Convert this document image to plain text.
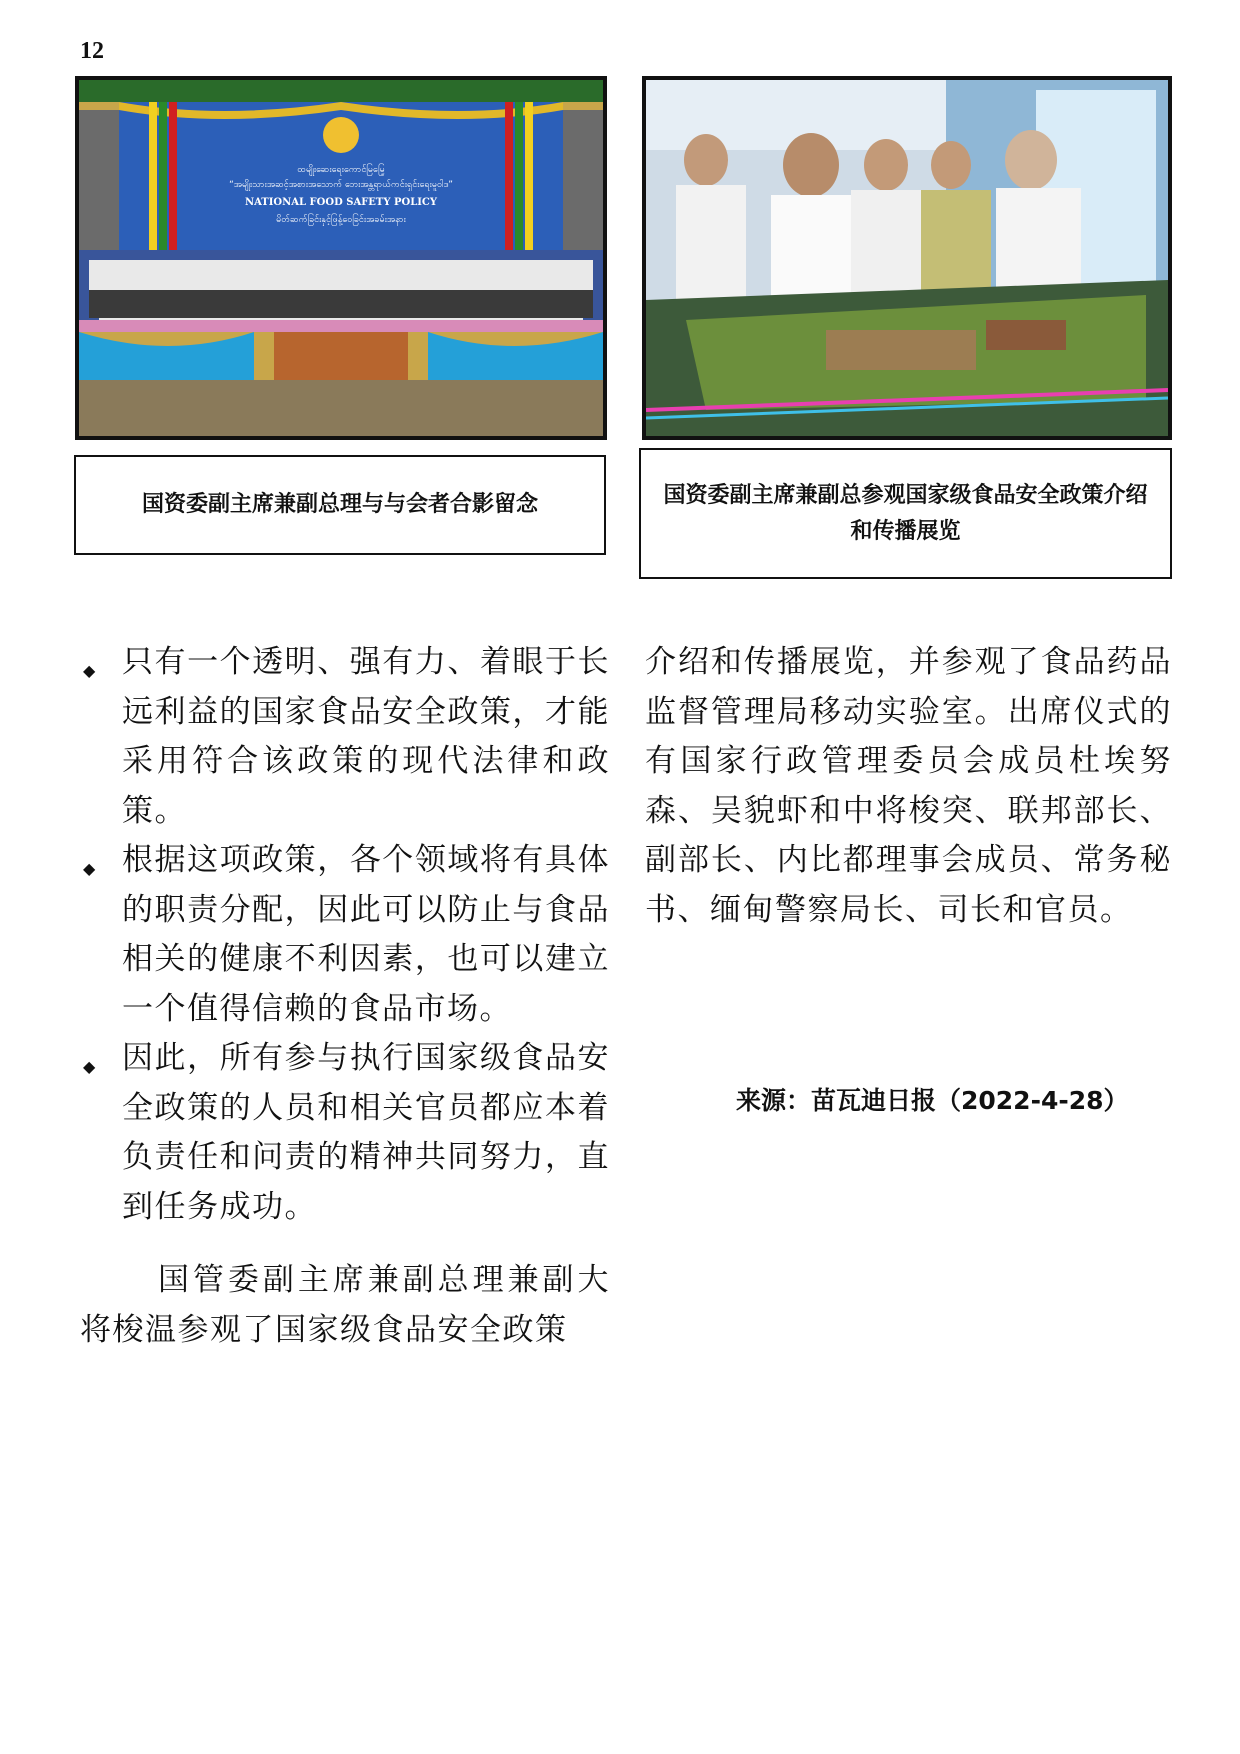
12
ထမျိုးဆေးရေးကောင်မြမြေ့
“အမျိုးသားအဆင့်အစားအသောက် ဘေးအန္တရာယ်ကင်းရှင်းရေးမူဝါဒ”
NATIONAL FOOD SAFETY POLICY
မိတ်ဆက်ခြင်းနှင့်ဖြန့်ဝေခြင်းအခမ်းအနား
国资委副主席兼副总理与与会者合影留念	国资委副主席兼副总参观国家级食品安全政策介绍和传播展览
◆ 只有一个透明、强有力、着眼于长远利益的国家食品安全政策，才能采用符合该政策的现代法律和政策。
◆ 根据这项政策，各个领域将有具体的职责分配，因此可以防止与食品相关的健康不利因素，也可以建立一个值得信赖的食品市场。
◆ 因此，所有参与执行国家级食品安全政策的人员和相关官员都应本着负责任和问责的精神共同努力，直到任务成功。

国管委副主席兼副总理兼副大将梭温参观了国家级食品安全政策

介绍和传播展览，并参观了食品药品监督管理局移动实验室。出席仪式的有国家行政管理委员会成员杜埃努森、吴貌虾和中将梭突、联邦部长、副部长、内比都理事会成员、常务秘书、缅甸警察局长、司长和官员。

来源：苗瓦迪日报（2022-4-28）
